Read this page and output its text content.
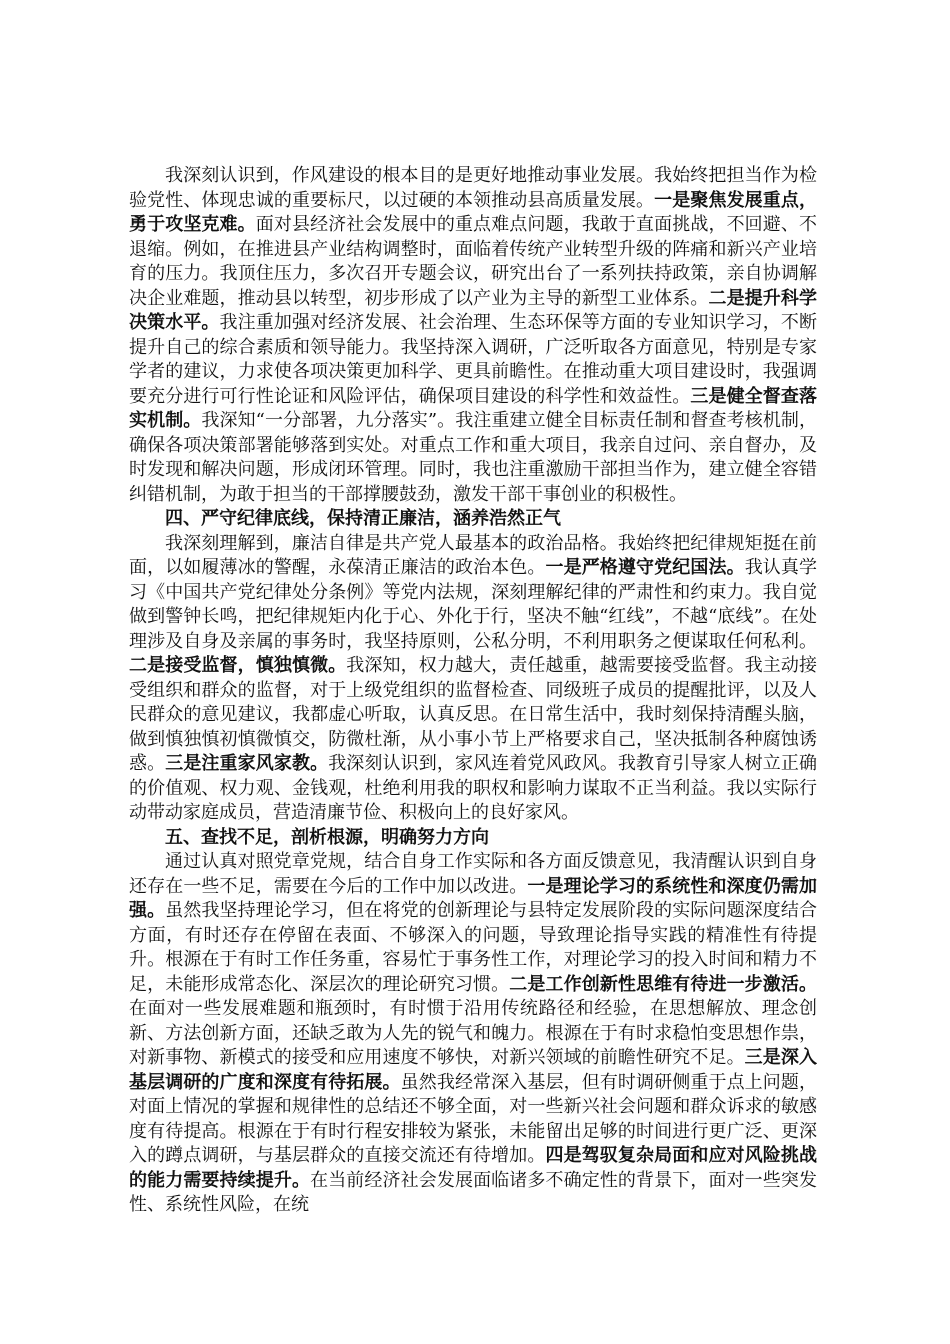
我深刻认识到，作风建设的根本目的是更好地推动事业发展。我始终把担当作为检验党性、体现忠诚的重要标尺，以过硬的本领推动县高质量发展。一是聚焦发展重点，勇于攻坚克难。面对县经济社会发展中的重点难点问题，我敢于直面挑战，不回避、不退缩。例如，在推进县产业结构调整时，面临着传统产业转型升级的阵痛和新兴产业培育的压力。我顶住压力，多次召开专题会议，研究出台了一系列扶持政策，亲自协调解决企业难题，推动县以转型，初步形成了以产业为主导的新型工业体系。二是提升科学决策水平。我注重加强对经济发展、社会治理、生态环保等方面的专业知识学习，不断提升自己的综合素质和领导能力。我坚持深入调研，广泛听取各方面意见，特别是专家学者的建议，力求使各项决策更加科学、更具前瞻性。在推动重大项目建设时，我强调要充分进行可行性论证和风险评估，确保项目建设的科学性和效益性。三是健全督查落实机制。我深知“一分部署，九分落实”。我注重建立健全目标责任制和督查考核机制，确保各项决策部署能够落到实处。对重点工作和重大项目，我亲自过问、亲自督办，及时发现和解决问题，形成闭环管理。同时，我也注重激励干部担当作为，建立健全容错纠错机制，为敢于担当的干部撑腰鼓劲，激发干部干事创业的积极性。

四、严守纪律底线，保持清正廉洁，涵养浩然正气

我深刻理解到，廉洁自律是共产党人最基本的政治品格。我始终把纪律规矩挺在前面，以如履薄冰的警醒，永葆清正廉洁的政治本色。一是严格遵守党纪国法。我认真学习《中国共产党纪律处分条例》等党内法规，深刻理解纪律的严肃性和约束力。我自觉做到警钟长鸣，把纪律规矩内化于心、外化于行，坚决不触“红线”，不越“底线”。在处理涉及自身及亲属的事务时，我坚持原则，公私分明，不利用职务之便谋取任何私利。二是接受监督，慎独慎微。我深知，权力越大，责任越重，越需要接受监督。我主动接受组织和群众的监督，对于上级党组织的监督检查、同级班子成员的提醒批评，以及人民群众的意见建议，我都虚心听取，认真反思。在日常生活中，我时刻保持清醒头脑，做到慎独慎初慎微慎交，防微杜渐，从小事小节上严格要求自己，坚决抵制各种腐蚀诱惑。三是注重家风家教。我深刻认识到，家风连着党风政风。我教育引导家人树立正确的价值观、权力观、金钱观，杜绝利用我的职权和影响力谋取不正当利益。我以实际行动带动家庭成员，营造清廉节俭、积极向上的良好家风。

五、查找不足，剖析根源，明确努力方向

通过认真对照党章党规，结合自身工作实际和各方面反馈意见，我清醒认识到自身还存在一些不足，需要在今后的工作中加以改进。一是理论学习的系统性和深度仍需加强。虽然我坚持理论学习，但在将党的创新理论与县特定发展阶段的实际问题深度结合方面，有时还存在停留在表面、不够深入的问题，导致理论指导实践的精准性有待提升。根源在于有时工作任务重，容易忙于事务性工作，对理论学习的投入时间和精力不足，未能形成常态化、深层次的理论研究习惯。二是工作创新性思维有待进一步激活。在面对一些发展难题和瓶颈时，有时惯于沿用传统路径和经验，在思想解放、理念创新、方法创新方面，还缺乏敢为人先的锐气和魄力。根源在于有时求稳怕变思想作祟，对新事物、新模式的接受和应用速度不够快，对新兴领域的前瞻性研究不足。三是深入基层调研的广度和深度有待拓展。虽然我经常深入基层，但有时调研侧重于点上问题，对面上情况的掌握和规律性的总结还不够全面，对一些新兴社会问题和群众诉求的敏感度有待提高。根源在于有时行程安排较为紧张，未能留出足够的时间进行更广泛、更深入的蹲点调研，与基层群众的直接交流还有待增加。四是驾驭复杂局面和应对风险挑战的能力需要持续提升。在当前经济社会发展面临诸多不确定性的背景下，面对一些突发性、系统性风险，在统
